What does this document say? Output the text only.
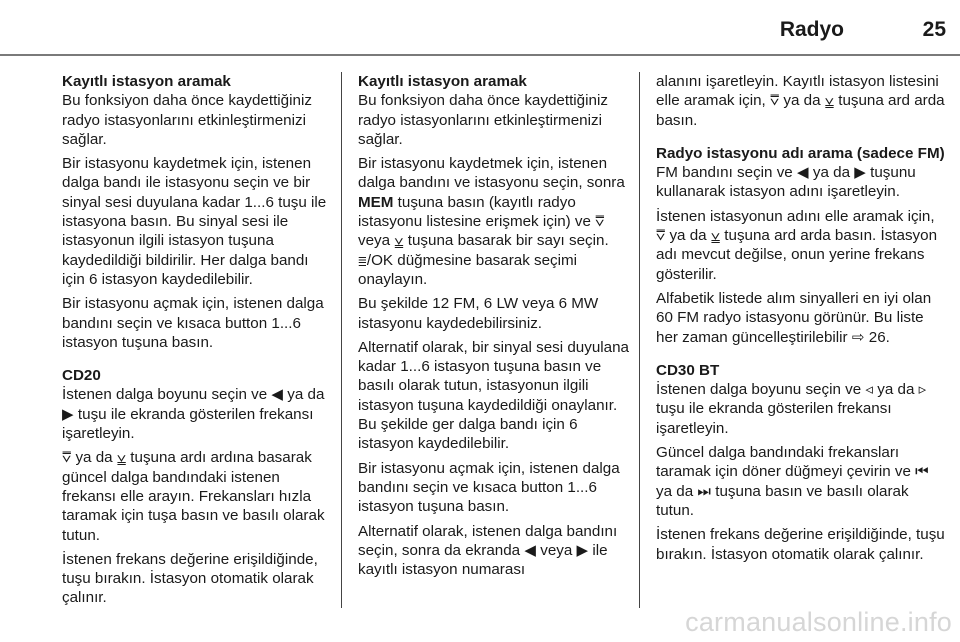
Radyo	25
Kayıtlı istasyon aramak

Bu fonksiyon daha önce kaydettiğiniz radyo istasyonlarını etkinleştirmenizi sağlar.

Bir istasyonu kaydetmek için, istenen dalga bandı ile istasyonu seçin ve bir sinyal sesi duyulana kadar 1...6 tuşu ile istasyona basın. Bu sinyal sesi ile istasyonun ilgili istasyon tuşuna kaydedildiği bildirilir. Her dalga bandı için 6 istasyon kaydedilebilir.

Bir istasyonu açmak için, istenen dalga bandını seçin ve kısaca button 1...6 istasyon tuşuna basın.

CD20

İstenen dalga boyunu seçin ve ◀ ya da ▶ tuşu ile ekranda gösterilen frekansı işaretleyin.

⩢ ya da ⩣ tuşuna ardı ardına basarak güncel dalga bandındaki istenen frekansı elle arayın. Frekansları hızla taramak için tuşa basın ve basılı olarak tutun.

İstenen frekans değerine erişildiğinde, tuşu bırakın. İstasyon otomatik olarak çalınır.

Kayıtlı istasyon aramak

Bu fonksiyon daha önce kaydettiğiniz radyo istasyonlarını etkinleştirmenizi sağlar.

Bir istasyonu kaydetmek için, istenen dalga bandını ve istasyonu seçin, sonra MEM tuşuna basın (kayıtlı radyo istasyonu listesine erişmek için) ve ⩢ veya ⩣ tuşuna basarak bir sayı seçin. ≣/OK düğmesine basarak seçimi onaylayın.

Bu şekilde 12 FM, 6 LW veya 6 MW istasyonu kaydedebilirsiniz.

Alternatif olarak, bir sinyal sesi duyulana kadar 1...6 istasyon tuşuna basın ve basılı olarak tutun, istasyonun ilgili istasyon tuşuna kaydedildiği onaylanır. Bu şekilde ger dalga bandı için 6 istasyon kaydedilebilir.

Bir istasyonu açmak için, istenen dalga bandını seçin ve kısaca button 1...6 istasyon tuşuna basın.

Alternatif olarak, istenen dalga bandını seçin, sonra da ekranda ◀ veya ▶ ile kayıtlı istasyon numarası

alanını işaretleyin. Kayıtlı istasyon listesini elle aramak için, ⩢ ya da ⩣ tuşuna ard arda basın.

Radyo istasyonu adı arama (sadece FM)

FM bandını seçin ve ◀ ya da ▶ tuşunu kullanarak istasyon adını işaretleyin.

İstenen istasyonun adını elle aramak için, ⩢ ya da ⩣ tuşuna ard arda basın. İstasyon adı mevcut değilse, onun yerine frekans gösterilir.

Alfabetik listede alım sinyalleri en iyi olan 60 FM radyo istasyonu görünür. Bu liste her zaman güncelleştirilebilir ⇨ 26.

CD30 BT

İstenen dalga boyunu seçin ve ◃ ya da ▹ tuşu ile ekranda gösterilen frekansı işaretleyin.

Güncel dalga bandındaki frekansları taramak için döner düğmeyi çevirin ve ⏮ ya da ⏭ tuşuna basın ve basılı olarak tutun.

İstenen frekans değerine erişildiğinde, tuşu bırakın. İstasyon otomatik olarak çalınır.

carmanualsonline.info
